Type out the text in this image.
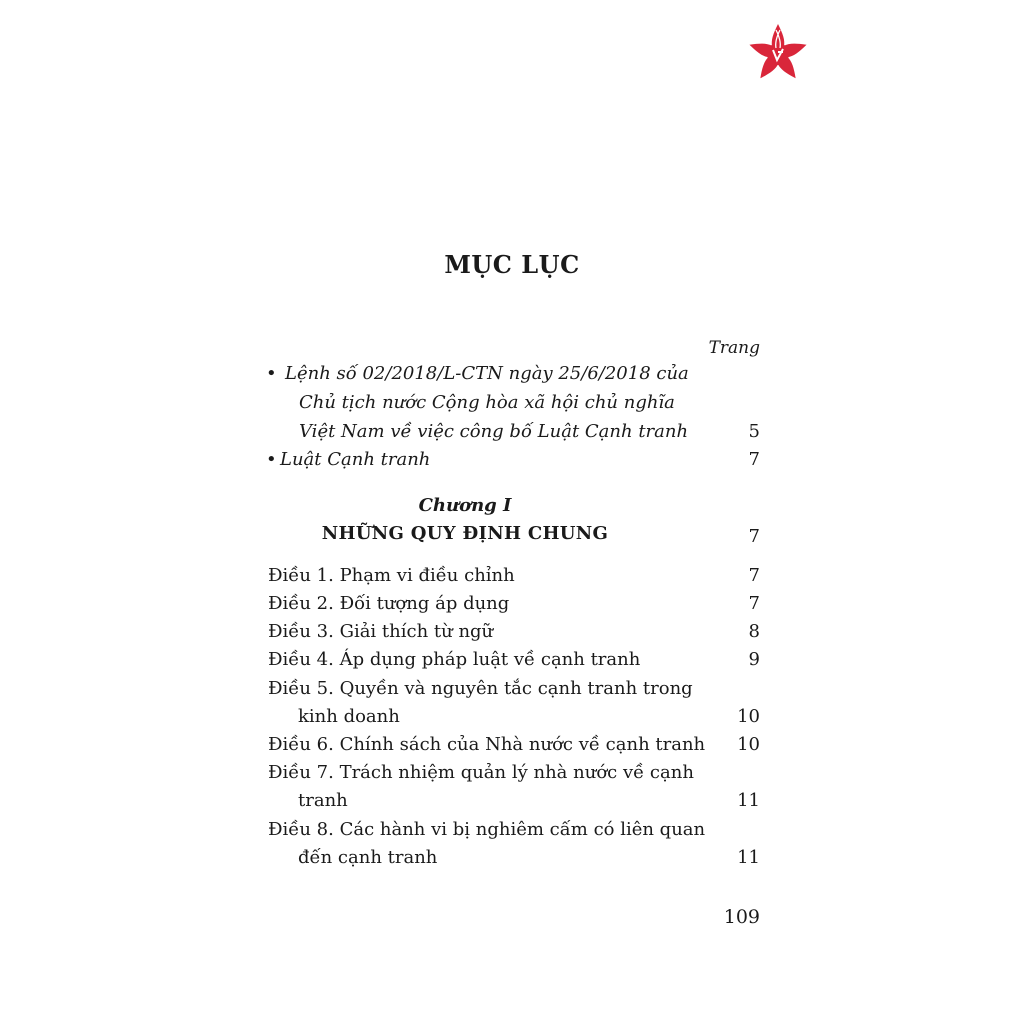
MỤC LỤC
Trang
• Lệnh số 02/2018/L-CTN ngày 25/6/2018 của
Chủ tịch nước Cộng hòa xã hội chủ nghĩa
Việt Nam về việc công bố Luật Cạnh tranh	5
• Luật Cạnh tranh	7
Chương I
NHỮNG QUY ĐỊNH CHUNG	7
Điều 1. Phạm vi điều chỉnh	7
Điều 2. Đối tượng áp dụng	7
Điều 3. Giải thích từ ngữ	8
Điều 4. Áp dụng pháp luật về cạnh tranh	9
Điều 5. Quyền và nguyên tắc cạnh tranh trong
kinh doanh	10
Điều 6. Chính sách của Nhà nước về cạnh tranh 10
Điều 7. Trách nhiệm quản lý nhà nước về cạnh
tranh	11
Điều 8. Các hành vi bị nghiêm cấm có liên quan
đến cạnh tranh	11
109
